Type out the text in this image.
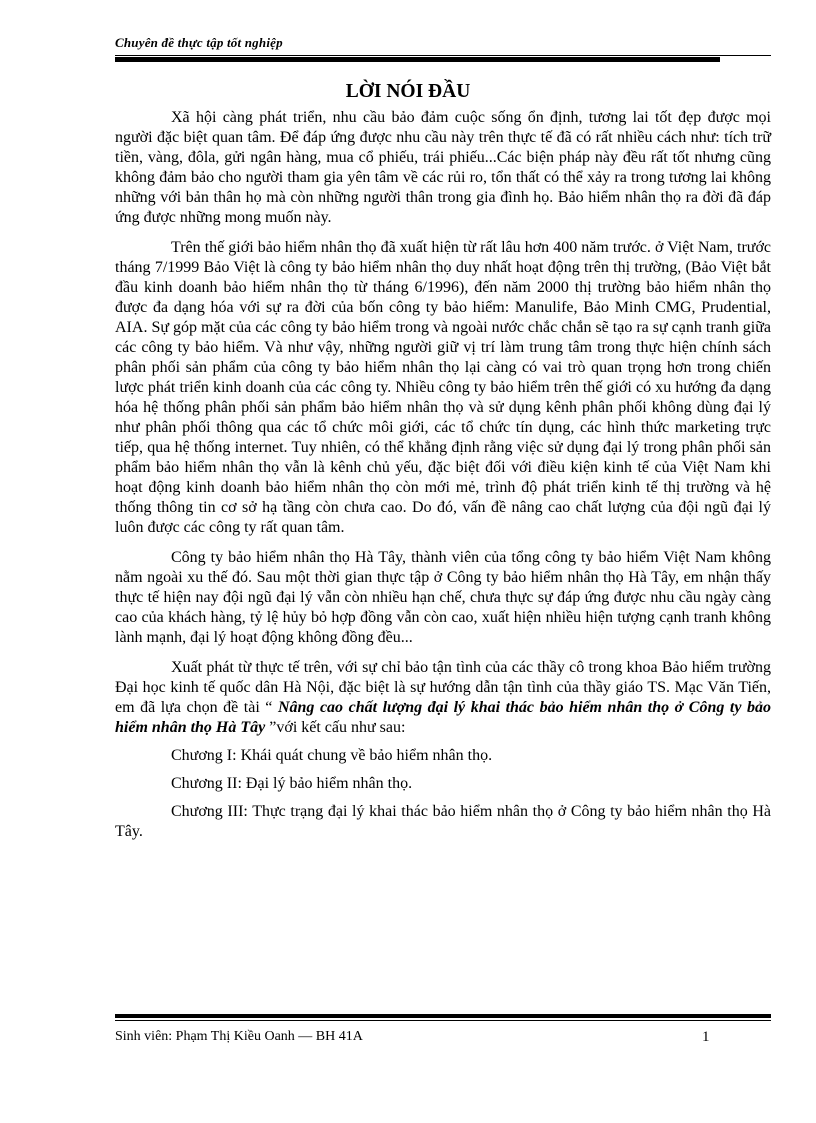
Chuyên đề thực tập tốt nghiệp
LỜI NÓI ĐẦU

Xã hội càng phát triển, nhu cầu bảo đảm cuộc sống ổn định, tương lai tốt đẹp được mọi người đặc biệt quan tâm. Để đáp ứng được nhu cầu này trên thực tế đã có rất nhiều cách như: tích trữ tiền, vàng, đôla, gửi ngân hàng, mua cổ phiếu, trái phiếu...Các biện pháp này đều rất tốt nhưng cũng không đảm bảo cho người tham gia yên tâm về các rủi ro, tổn thất có thể xảy ra trong tương lai không những với bản thân họ mà còn những người thân trong gia đình họ. Bảo hiểm nhân thọ ra đời đã đáp ứng được những mong muốn này.

Trên thế giới bảo hiểm nhân thọ đã xuất hiện từ rất lâu hơn 400 năm trước. ở Việt Nam, trước tháng 7/1999 Bảo Việt là công ty bảo hiểm nhân thọ duy nhất hoạt động trên thị trường, (Bảo Việt bắt đầu kinh doanh bảo hiểm nhân thọ từ tháng 6/1996), đến năm 2000 thị trường bảo hiểm nhân thọ được đa dạng hóa với sự ra đời của bốn công ty bảo hiểm: Manulife, Bảo Minh CMG, Prudential, AIA. Sự góp mặt của các công ty bảo hiểm trong và ngoài nước chắc chắn sẽ tạo ra sự cạnh tranh giữa các công ty bảo hiểm. Và như vậy, những người giữ vị trí làm trung tâm trong thực hiện chính sách phân phối sản phẩm của công ty bảo hiểm nhân thọ lại càng có vai trò quan trọng hơn trong chiến lược phát triển kinh doanh của các công ty. Nhiều công ty bảo hiểm trên thế giới có xu hướng đa dạng hóa hệ thống phân phối sản phẩm bảo hiểm nhân thọ và sử dụng kênh phân phối không dùng đại lý như phân phối thông qua các tổ chức môi giới, các tổ chức tín dụng, các hình thức marketing trực tiếp, qua hệ thống internet. Tuy nhiên, có thể khẳng định rằng việc sử dụng đại lý trong phân phối sản phẩm bảo hiểm nhân thọ vẫn là kênh chủ yếu, đặc biệt đối với điều kiện kinh tế của Việt Nam khi hoạt động kinh doanh bảo hiểm nhân thọ còn mới mẻ, trình độ phát triển kinh tế thị trường và hệ thống thông tin cơ sở hạ tầng còn chưa cao. Do đó, vấn đề nâng cao chất lượng của đội ngũ đại lý luôn được các công ty rất quan tâm.

Công ty bảo hiểm nhân thọ Hà Tây, thành viên của tổng công ty bảo hiểm Việt Nam không nằm ngoài xu thế đó. Sau một thời gian thực tập ở Công ty bảo hiểm nhân thọ Hà Tây, em nhận thấy thực tế hiện nay đội ngũ đại lý vẫn còn nhiều hạn chế, chưa thực sự đáp ứng được nhu cầu ngày càng cao của khách hàng, tỷ lệ hủy bỏ hợp đồng vẫn còn cao, xuất hiện nhiều hiện tượng cạnh tranh không lành mạnh, đại lý hoạt động không đồng đều...

Xuất phát từ thực tế trên, với sự chỉ bảo tận tình của các thầy cô trong khoa Bảo hiểm trường Đại học kinh tế quốc dân Hà Nội, đặc biệt là sự hướng dẫn tận tình của thầy giáo TS. Mạc Văn Tiến, em đã lựa chọn đề tài “ Nâng cao chất lượng đại lý khai thác bảo hiểm nhân thọ ở Công ty bảo hiểm nhân thọ Hà Tây ”với kết cấu như sau:

Chương I: Khái quát chung về bảo hiểm nhân thọ.

Chương II: Đại lý bảo hiểm nhân thọ.

Chương III: Thực trạng đại lý khai thác bảo hiểm nhân thọ ở Công ty bảo hiểm nhân thọ Hà Tây.

Sinh viên: Phạm Thị Kiều Oanh — BH 41A	1
